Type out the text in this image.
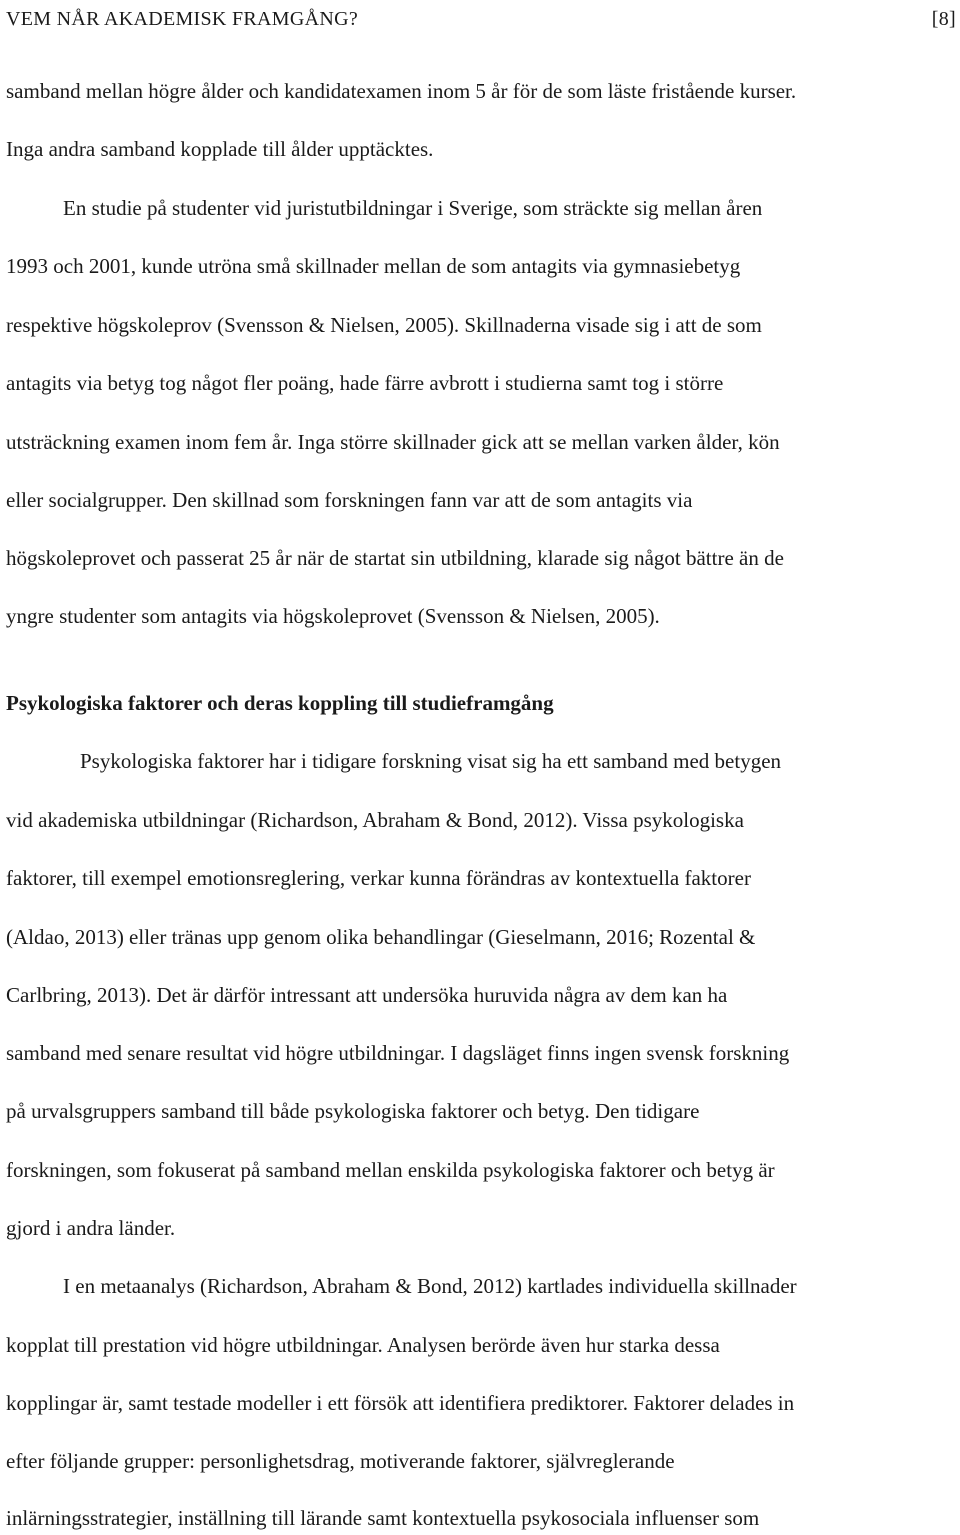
VEM NÅR AKADEMISK FRAMGÅNG?	[8]
samband mellan högre ålder och kandidatexamen inom 5 år för de som läste fristående kurser.
Inga andra samband kopplade till ålder upptäcktes.
En studie på studenter vid juristutbildningar i Sverige, som sträckte sig mellan åren
1993 och 2001, kunde utröna små skillnader mellan de som antagits via gymnasiebetyg
respektive högskoleprov (Svensson & Nielsen, 2005). Skillnaderna visade sig i att de som
antagits via betyg tog något fler poäng, hade färre avbrott i studierna samt tog i större
utsträckning examen inom fem år. Inga större skillnader gick att se mellan varken ålder, kön
eller socialgrupper. Den skillnad som forskningen fann var att de som antagits via
högskoleprovet och passerat 25 år när de startat sin utbildning, klarade sig något bättre än de
yngre studenter som antagits via högskoleprovet (Svensson & Nielsen, 2005).
Psykologiska faktorer och deras koppling till studieframgång
Psykologiska faktorer har i tidigare forskning visat sig ha ett samband med betygen
vid akademiska utbildningar (Richardson, Abraham & Bond, 2012). Vissa psykologiska
faktorer, till exempel emotionsreglering, verkar kunna förändras av kontextuella faktorer
(Aldao, 2013) eller tränas upp genom olika behandlingar (Gieselmann, 2016; Rozental &
Carlbring, 2013). Det är därför intressant att undersöka huruvida några av dem kan ha
samband med senare resultat vid högre utbildningar. I dagsläget finns ingen svensk forskning
på urvalsgruppers samband till både psykologiska faktorer och betyg. Den tidigare
forskningen, som fokuserat på samband mellan enskilda psykologiska faktorer och betyg är
gjord i andra länder.
I en metaanalys (Richardson, Abraham & Bond, 2012) kartlades individuella skillnader
kopplat till prestation vid högre utbildningar. Analysen berörde även hur starka dessa
kopplingar är, samt testade modeller i ett försök att identifiera prediktorer. Faktorer delades in
efter följande grupper: personlighetsdrag, motiverande faktorer, självreglerande
inlärningsstrategier, inställning till lärande samt kontextuella psykosociala influenser som
